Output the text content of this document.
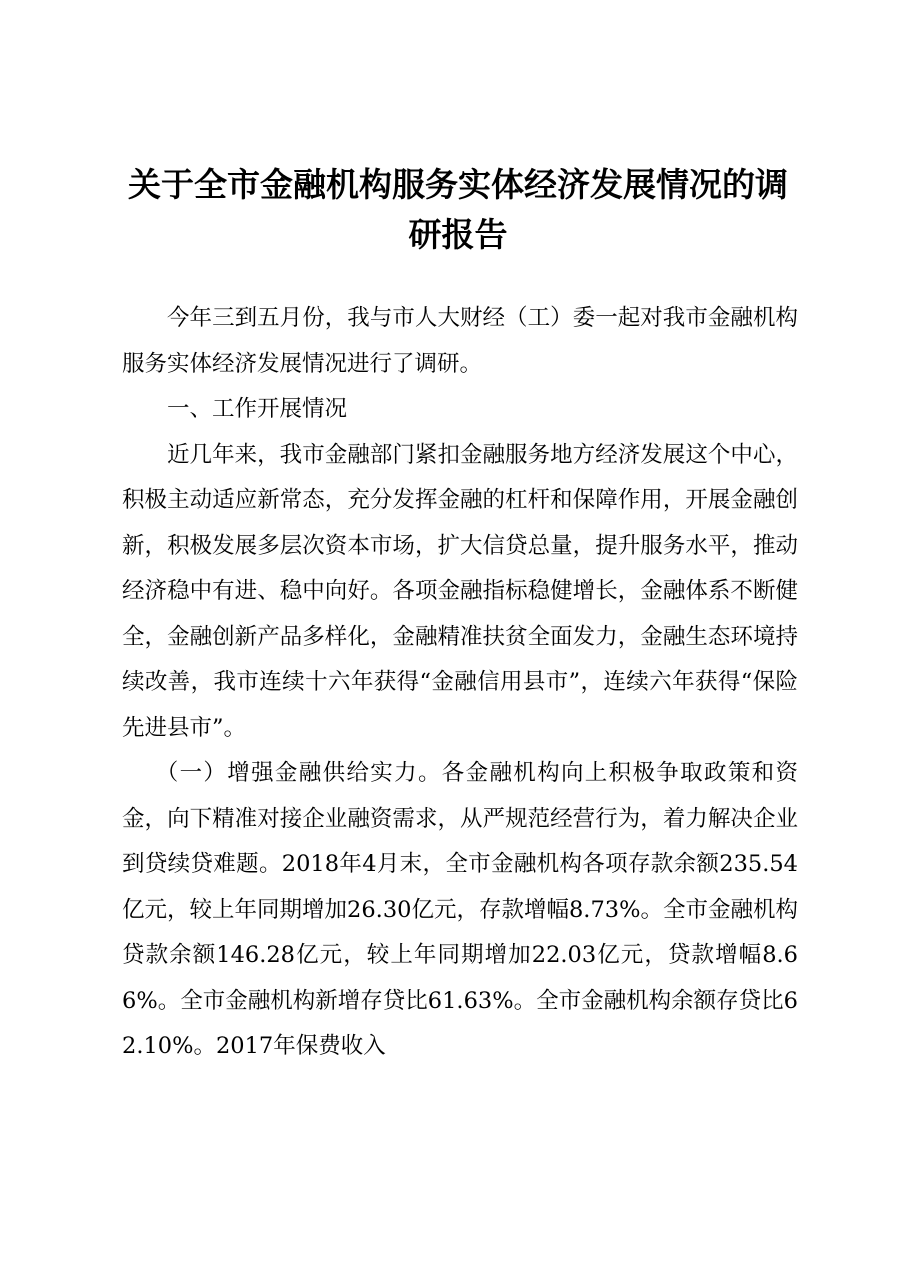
关于全市金融机构服务实体经济发展情况的调
研报告

今年三到五月份，我与市人大财经（工）委一起对我市金融机构服务实体经济发展情况进行了调研。

一、工作开展情况

近几年来，我市金融部门紧扣金融服务地方经济发展这个中心，积极主动适应新常态，充分发挥金融的杠杆和保障作用，开展金融创新，积极发展多层次资本市场，扩大信贷总量，提升服务水平，推动经济稳中有进、稳中向好。各项金融指标稳健增长，金融体系不断健全，金融创新产品多样化，金融精准扶贫全面发力，金融生态环境持续改善，我市连续十六年获得“金融信用县市”，连续六年获得“保险先进县市”。

（一）增强金融供给实力。各金融机构向上积极争取政策和资金，向下精准对接企业融资需求，从严规范经营行为，着力解决企业到贷续贷难题。2018年4月末，全市金融机构各项存款余额235.54亿元，较上年同期增加26.30亿元，存款增幅8.73%。全市金融机构贷款余额146.28亿元，较上年同期增加22.03亿元，贷款增幅8.66%。全市金融机构新增存贷比61.63%。全市金融机构余额存贷比62.10%。2017年保费收入
